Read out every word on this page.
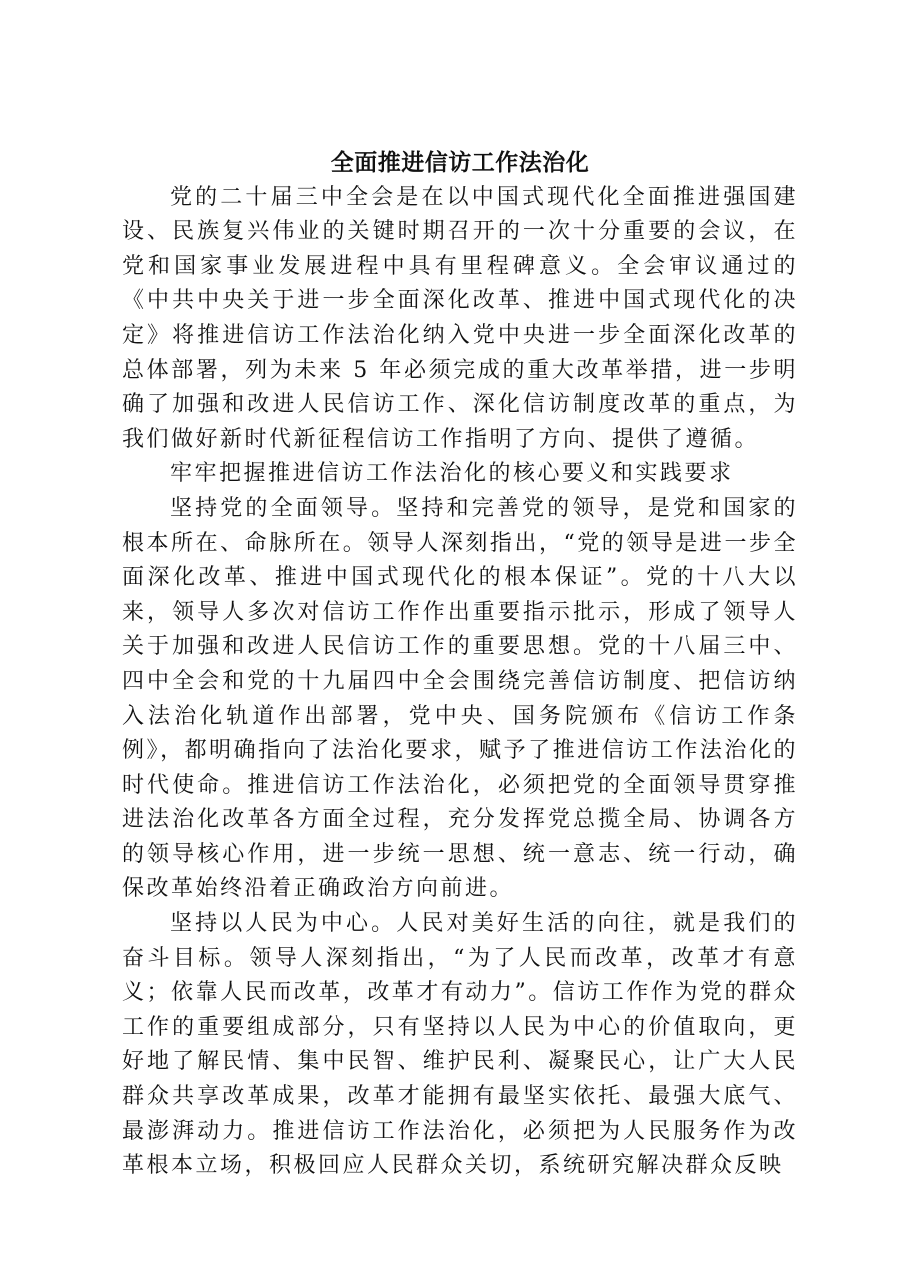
全面推进信访工作法治化

党的二十届三中全会是在以中国式现代化全面推进强国建设、民族复兴伟业的关键时期召开的一次十分重要的会议，在党和国家事业发展进程中具有里程碑意义。全会审议通过的《中共中央关于进一步全面深化改革、推进中国式现代化的决定》将推进信访工作法治化纳入党中央进一步全面深化改革的总体部署，列为未来 5 年必须完成的重大改革举措，进一步明确了加强和改进人民信访工作、深化信访制度改革的重点，为我们做好新时代新征程信访工作指明了方向、提供了遵循。

牢牢把握推进信访工作法治化的核心要义和实践要求

坚持党的全面领导。坚持和完善党的领导，是党和国家的根本所在、命脉所在。领导人深刻指出，“党的领导是进一步全面深化改革、推进中国式现代化的根本保证”。党的十八大以来，领导人多次对信访工作作出重要指示批示，形成了领导人关于加强和改进人民信访工作的重要思想。党的十八届三中、四中全会和党的十九届四中全会围绕完善信访制度、把信访纳入法治化轨道作出部署，党中央、国务院颁布《信访工作条例》，都明确指向了法治化要求，赋予了推进信访工作法治化的时代使命。推进信访工作法治化，必须把党的全面领导贯穿推进法治化改革各方面全过程，充分发挥党总揽全局、协调各方的领导核心作用，进一步统一思想、统一意志、统一行动，确保改革始终沿着正确政治方向前进。

坚持以人民为中心。人民对美好生活的向往，就是我们的奋斗目标。领导人深刻指出，“为了人民而改革，改革才有意义；依靠人民而改革，改革才有动力”。信访工作作为党的群众工作的重要组成部分，只有坚持以人民为中心的价值取向，更好地了解民情、集中民智、维护民利、凝聚民心，让广大人民群众共享改革成果，改革才能拥有最坚实依托、最强大底气、最澎湃动力。推进信访工作法治化，必须把为人民服务作为改革根本立场，积极回应人民群众关切，系统研究解决群众反映
